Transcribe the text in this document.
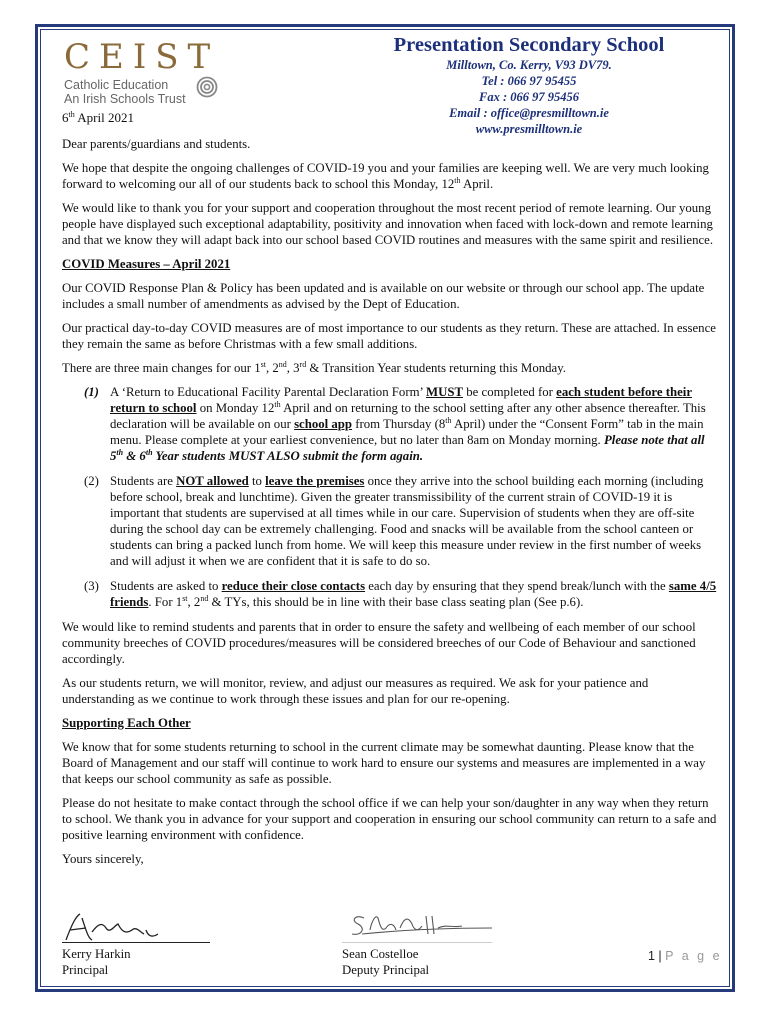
CEIST
Catholic Education
An Irish Schools Trust
Presentation Secondary School
Milltown, Co. Kerry, V93 DV79.
Tel : 066 97 95455
Fax : 066 97 95456
Email : office@presmilltown.ie
www.presmilltown.ie
6th April 2021

Dear parents/guardians and students.

We hope that despite the ongoing challenges of COVID-19 you and your families are keeping well. We are very much looking forward to welcoming our all of our students back to school this Monday, 12th April.

We would like to thank you for your support and cooperation throughout the most recent period of remote learning. Our young people have displayed such exceptional adaptability, positivity and innovation when faced with lock-down and remote learning and that we know they will adapt back into our school based COVID routines and measures with the same spirit and resilience.

COVID Measures – April 2021

Our COVID Response Plan & Policy has been updated and is available on our website or through our school app. The update includes a small number of amendments as advised by the Dept of Education.

Our practical day-to-day COVID measures are of most importance to our students as they return. These are attached. In essence they remain the same as before Christmas with a few small additions.

There are three main changes for our 1st, 2nd, 3rd & Transition Year students returning this Monday.

(1) A ‘Return to Educational Facility Parental Declaration Form’ MUST be completed for each student before their return to school on Monday 12th April and on returning to the school setting after any other absence thereafter. This declaration will be available on our school app from Thursday (8th April) under the “Consent Form” tab in the main menu. Please complete at your earliest convenience, but no later than 8am on Monday morning. Please note that all 5th & 6th Year students MUST ALSO submit the form again.
(2) Students are NOT allowed to leave the premises once they arrive into the school building each morning (including before school, break and lunchtime). Given the greater transmissibility of the current strain of COVID-19 it is important that students are supervised at all times while in our care. Supervision of students when they are off-site during the school day can be extremely challenging. Food and snacks will be available from the school canteen or students can bring a packed lunch from home. We will keep this measure under review in the first number of weeks and will adjust it when we are confident that it is safe to do so.
(3) Students are asked to reduce their close contacts each day by ensuring that they spend break/lunch with the same 4/5 friends. For 1st, 2nd & TYs, this should be in line with their base class seating plan (See p.6).

We would like to remind students and parents that in order to ensure the safety and wellbeing of each member of our school community breeches of COVID procedures/measures will be considered breeches of our Code of Behaviour and sanctioned accordingly.

As our students return, we will monitor, review, and adjust our measures as required. We ask for your patience and understanding as we continue to work through these issues and plan for our re-opening.

Supporting Each Other

We know that for some students returning to school in the current climate may be somewhat daunting. Please know that the Board of Management and our staff will continue to work hard to ensure our systems and measures are implemented in a way that keeps our school community as safe as possible.

Please do not hesitate to make contact through the school office if we can help your son/daughter in any way when they return to school. We thank you in advance for your support and cooperation in ensuring our school community can return to a safe and positive learning environment with confidence.

Yours sincerely,

Kerry Harkin
Principal
Sean Costelloe
Deputy Principal
1 | P a g e
